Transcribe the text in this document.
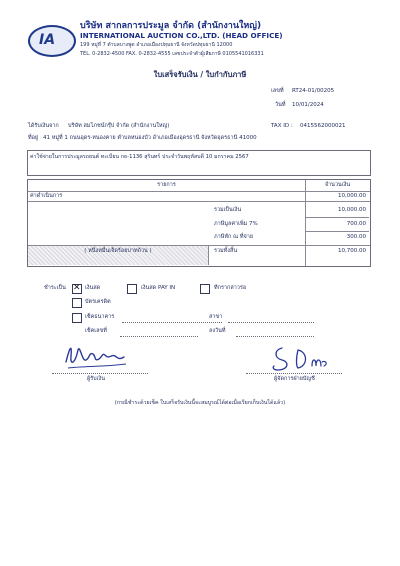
IA
บริษัท สากลการประมูล จำกัด (สำนักงานใหญ่)
INTERNATIONAL AUCTION CO.,LTD. (HEAD OFFICE)
199 หมู่ที่ 7 ตำบลบางพูด อำเภอเมืองปทุมธานี จังหวัดปทุมธานี 12000
TEL. 0-2832-4500 FAX. 0-2832-4555 เลขประจำตัวผู้เสียภาษี 0105541016331
ใบเสร็จรับเงิน / ใบกำกับภาษี
เลขที่ RT24-01/00205
วันที่ 10/01/2024
ได้รับเงินจาก บริษัท สมโภชน์กรุ๊ป จำกัด (สำนักงานใหญ่)	TAX ID : 0415562000021
ที่อยู่ 41 หมู่ที่ 1 ถนนอุดร-หนองคาย ตำบลหนองบัว อำเภอเมืองอุดรธานี จังหวัดอุดรธานี 41000
ค่าใช้จ่ายในการประมูลรถยนต์ ทะเบียน กธ-1136 สุรินทร์ ประจำวันพฤหัสบดี 10 มกราคม 2567
รายการ	จำนวนเงิน
ค่าดำเนินการ	10,000.00
รวมเป็นเงิน	10,000.00
ภาษีมูลค่าเพิ่ม 7%	700.00
ภาษีหัก ณ ที่จ่าย	300.00
( หนึ่งหมื่นเจ็ดร้อยบาทถ้วน )	รวมทั้งสิ้น	10,700.00
ชำระเป็น ✕ เงินสด	เงินสด PAY IN	ทีกรากล่าวร่อ
บัตรเครดิต
เช็คธนาคาร	สาขา
เช็คเลขที่	ลงวันที่
ผู้รับเงิน	ผู้จัดการฝ่ายบัญชี
(กรณีชำระด้วยเช็ค ใบเสร็จรับเงินนี้จะสมบูรณ์ได้ต่อเมื่อเรียกเก็บเงินได้แล้ว)
